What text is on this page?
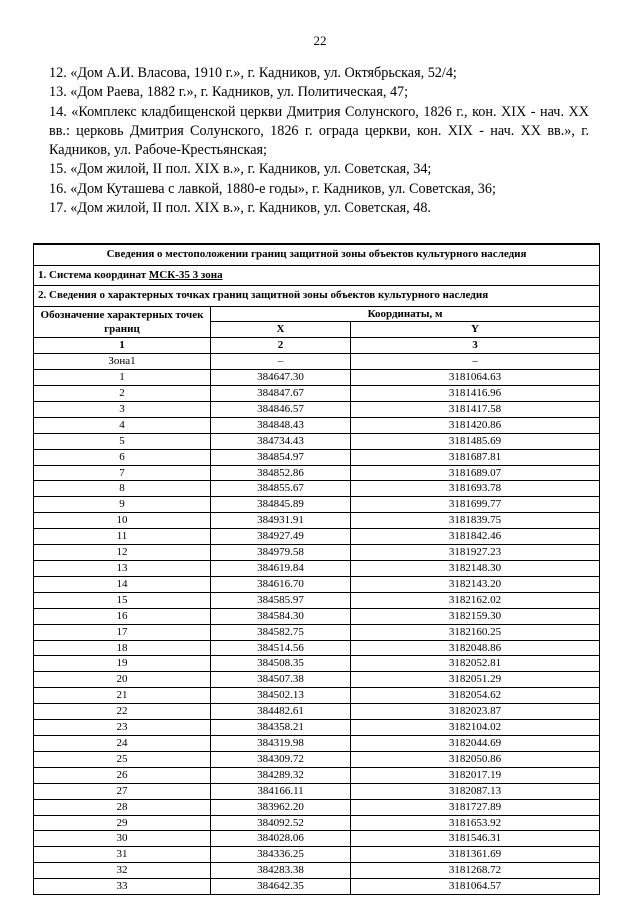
22
12. «Дом А.И. Власова, 1910 г.», г. Кадников, ул. Октябрьская, 52/4;
13. «Дом Раева, 1882 г.», г. Кадников, ул. Политическая, 47;
14. «Комплекс кладбищенской церкви Дмитрия Солунского, 1826 г., кон. XIX - нач. XX вв.: церковь Дмитрия Солунского, 1826 г. ограда церкви, кон. XIX - нач. XX вв.», г. Кадников, ул. Рабоче-Крестьянская;
15. «Дом жилой, II пол. XIX в.», г. Кадников, ул. Советская, 34;
16. «Дом Куташева с лавкой, 1880-е годы», г. Кадников, ул. Советская, 36;
17. «Дом жилой, II пол. XIX в.», г. Кадников, ул. Советская, 48.
Сведения о местоположении границ защитной зоны объектов культурного наследия		
1. Система координат МСК-35 3 зона		
2. Сведения о характерных точках границ защитной зоны объектов культурного наследия		
Обозначение характерных точек границ	Координаты, м	
	X	Y
1	2	3
Зона1	–	–
1	384647.30	3181064.63
2	384847.67	3181416.96
3	384846.57	3181417.58
4	384848.43	3181420.86
5	384734.43	3181485.69
6	384854.97	3181687.81
7	384852.86	3181689.07
8	384855.67	3181693.78
9	384845.89	3181699.77
10	384931.91	3181839.75
11	384927.49	3181842.46
12	384979.58	3181927.23
13	384619.84	3182148.30
14	384616.70	3182143.20
15	384585.97	3182162.02
16	384584.30	3182159.30
17	384582.75	3182160.25
18	384514.56	3182048.86
19	384508.35	3182052.81
20	384507.38	3182051.29
21	384502.13	3182054.62
22	384482.61	3182023.87
23	384358.21	3182104.02
24	384319.98	3182044.69
25	384309.72	3182050.86
26	384289.32	3182017.19
27	384166.11	3182087.13
28	383962.20	3181727.89
29	384092.52	3181653.92
30	384028.06	3181546.31
31	384336.25	3181361.69
32	384283.38	3181268.72
33	384642.35	3181064.57
